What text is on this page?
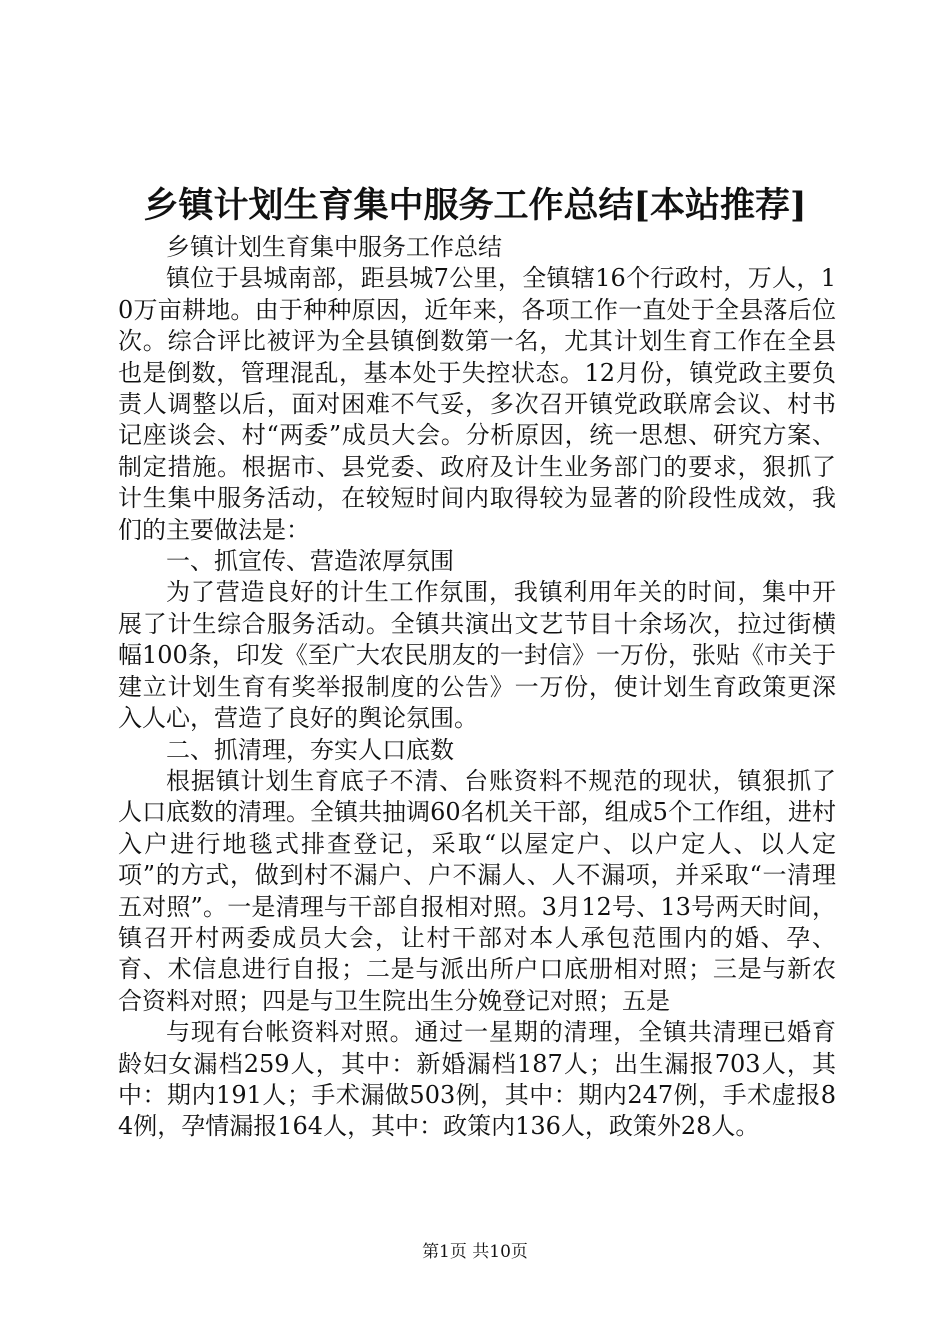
乡镇计划生育集中服务工作总结[本站推荐]

乡镇计划生育集中服务工作总结

镇位于县城南部，距县城7公里，全镇辖16个行政村，万人，10万亩耕地。由于种种原因，近年来，各项工作一直处于全县落后位次。综合评比被评为全县镇倒数第一名，尤其计划生育工作在全县也是倒数，管理混乱，基本处于失控状态。12月份，镇党政主要负责人调整以后，面对困难不气妥，多次召开镇党政联席会议、村书记座谈会、村“两委”成员大会。分析原因，统一思想、研究方案、制定措施。根据市、县党委、政府及计生业务部门的要求，狠抓了计生集中服务活动，在较短时间内取得较为显著的阶段性成效，我们的主要做法是：

一、抓宣传、营造浓厚氛围

为了营造良好的计生工作氛围，我镇利用年关的时间，集中开展了计生综合服务活动。全镇共演出文艺节目十余场次，拉过街横幅100条，印发《至广大农民朋友的一封信》一万份，张贴《市关于建立计划生育有奖举报制度的公告》一万份，使计划生育政策更深入人心，营造了良好的舆论氛围。

二、抓清理，夯实人口底数

根据镇计划生育底子不清、台账资料不规范的现状，镇狠抓了人口底数的清理。全镇共抽调60名机关干部，组成5个工作组，进村入户进行地毯式排查登记，采取“以屋定户、以户定人、以人定项”的方式，做到村不漏户、户不漏人、人不漏项，并采取“一清理五对照”。一是清理与干部自报相对照。3月12号、13号两天时间，镇召开村两委成员大会，让村干部对本人承包范围内的婚、孕、育、术信息进行自报；二是与派出所户口底册相对照；三是与新农合资料对照；四是与卫生院出生分娩登记对照；五是

与现有台帐资料对照。通过一星期的清理，全镇共清理已婚育龄妇女漏档259人，其中：新婚漏档187人；出生漏报703人，其中：期内191人；手术漏做503例，其中：期内247例，手术虚报84例，孕情漏报164人，其中：政策内136人，政策外28人。

第1页 共10页
